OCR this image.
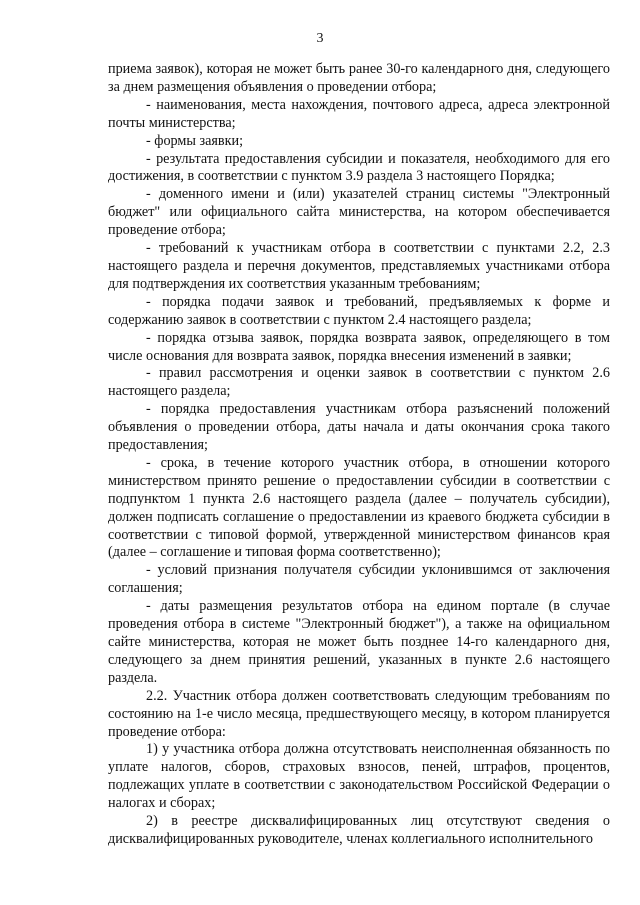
3

приема заявок), которая не может быть ранее 30-го календарного дня, следующего за днем размещения объявления о проведении отбора;

- наименования, места нахождения, почтового адреса, адреса электронной почты министерства;

- формы заявки;

- результата предоставления субсидии и показателя, необходимого для его достижения, в соответствии с пунктом 3.9 раздела 3 настоящего Порядка;

- доменного имени и (или) указателей страниц системы "Электронный бюджет" или официального сайта министерства, на котором обеспечивается проведение отбора;

- требований к участникам отбора в соответствии с пунктами 2.2, 2.3 настоящего раздела и перечня документов, представляемых участниками отбора для подтверждения их соответствия указанным требованиям;

- порядка подачи заявок и требований, предъявляемых к форме и содержанию заявок в соответствии с пунктом 2.4 настоящего раздела;

- порядка отзыва заявок, порядка возврата заявок, определяющего в том числе основания для возврата заявок, порядка внесения изменений в заявки;

- правил рассмотрения и оценки заявок в соответствии с пунктом 2.6 настоящего раздела;

- порядка предоставления участникам отбора разъяснений положений объявления о проведении отбора, даты начала и даты окончания срока такого предоставления;

- срока, в течение которого участник отбора, в отношении которого министерством принято решение о предоставлении субсидии в соответствии с подпунктом 1 пункта 2.6 настоящего раздела (далее – получатель субсидии), должен подписать соглашение о предоставлении из краевого бюджета субсидии в соответствии с типовой формой, утвержденной министерством финансов края (далее – соглашение и типовая форма соответственно);

- условий признания получателя субсидии уклонившимся от заключения соглашения;

- даты размещения результатов отбора на едином портале (в случае проведения отбора в системе "Электронный бюджет"), а также на официальном сайте министерства, которая не может быть позднее 14-го календарного дня, следующего за днем принятия решений, указанных в пункте 2.6 настоящего раздела.

2.2. Участник отбора должен соответствовать следующим требованиям по состоянию на 1-е число месяца, предшествующего месяцу, в котором планируется проведение отбора:

1) у участника отбора должна отсутствовать неисполненная обязанность по уплате налогов, сборов, страховых взносов, пеней, штрафов, процентов, подлежащих уплате в соответствии с законодательством Российской Федерации о налогах и сборах;

2) в реестре дисквалифицированных лиц отсутствуют сведения о дисквалифицированных руководителе, членах коллегиального исполнительного
